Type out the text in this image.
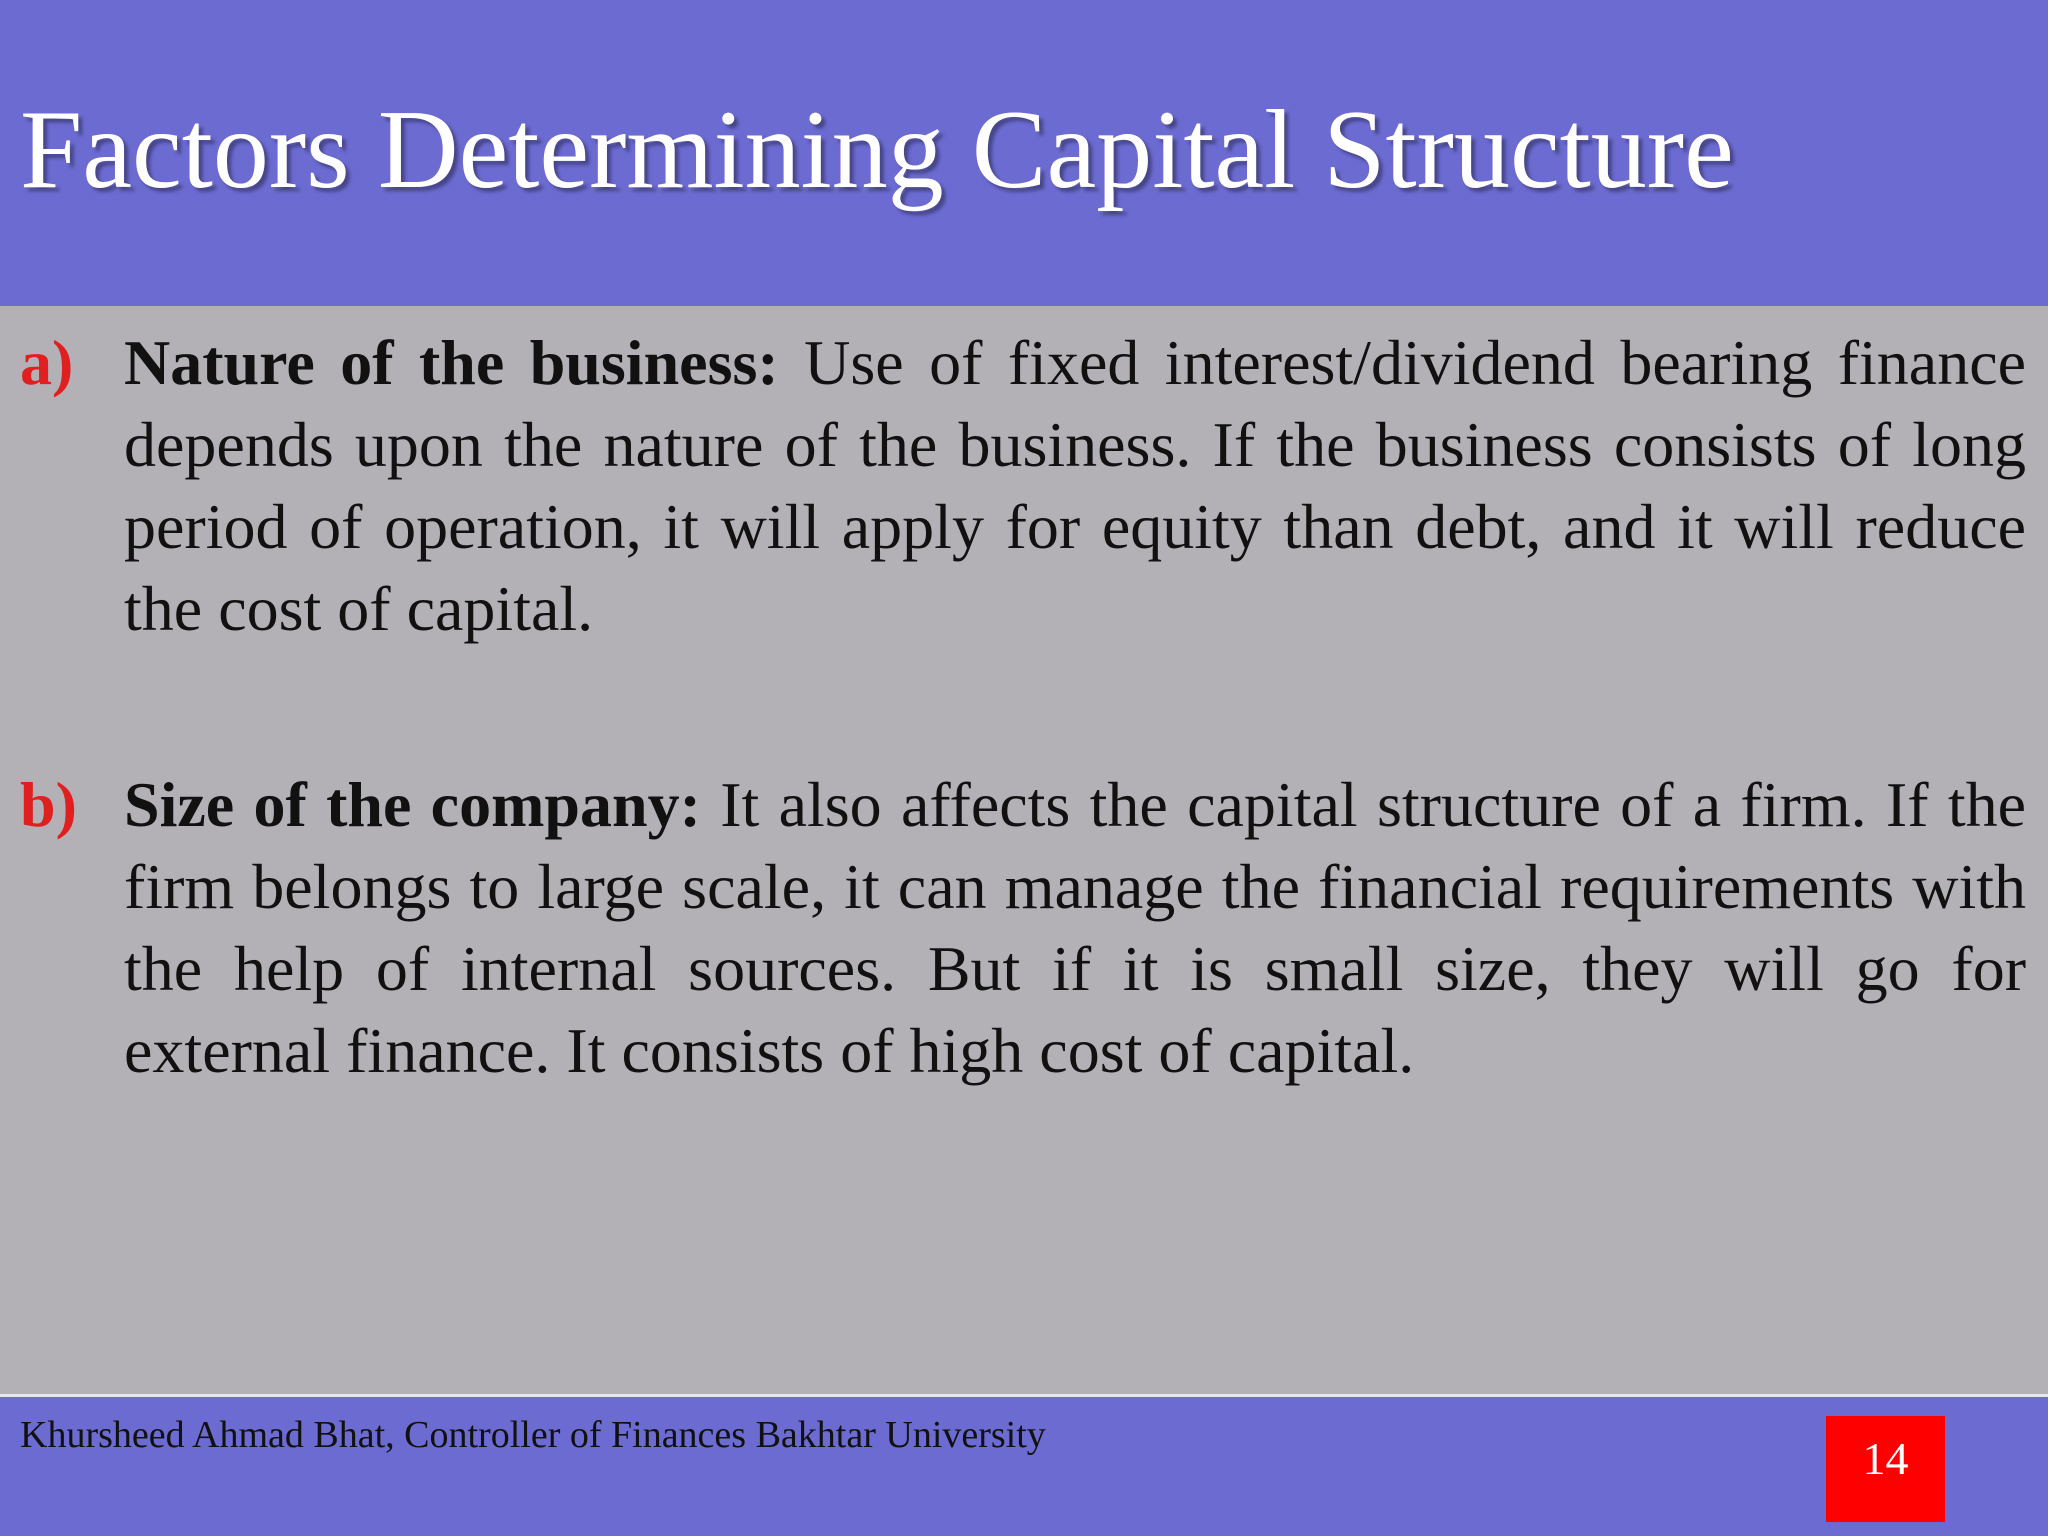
Factors Determining Capital Structure
a) Nature of the business: Use of fixed interest/dividend bearing finance depends upon the nature of the business. If the business consists of long period of operation, it will apply for equity than debt, and it will reduce the cost of capital.

b) Size of the company: It also affects the capital structure of a firm. If the firm belongs to large scale, it can manage the financial requirements with the help of internal sources. But if it is small size, they will go for external finance. It consists of high cost of capital.

Khursheed Ahmad Bhat, Controller of Finances Bakhtar University	14
